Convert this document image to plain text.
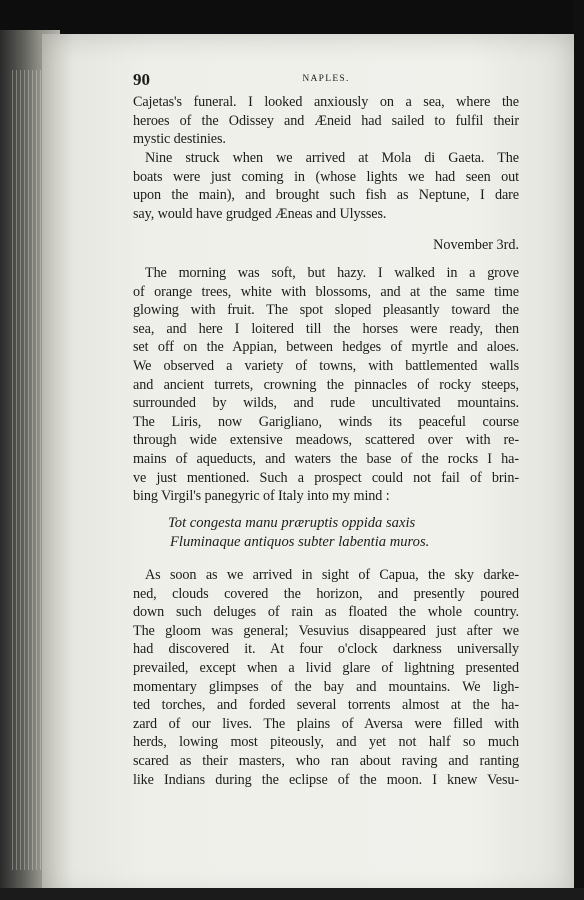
90	NAPLES.
Cajetas's funeral. I looked anxiously on a sea, where the
heroes of the Odissey and Æneid had sailed to fulfil their
mystic destinies.
Nine struck when we arrived at Mola di Gaeta. The
boats were just coming in (whose lights we had seen out
upon the main), and brought such fish as Neptune, I dare
say, would have grudged Æneas and Ulysses.
November 3rd.
The morning was soft, but hazy. I walked in a grove
of orange trees, white with blossoms, and at the same time
glowing with fruit. The spot sloped pleasantly toward the
sea, and here I loitered till the horses were ready, then
set off on the Appian, between hedges of myrtle and aloes.
We observed a variety of towns, with battlemented walls
and ancient turrets, crowning the pinnacles of rocky steeps,
surrounded by wilds, and rude uncultivated mountains.
The Liris, now Garigliano, winds its peaceful course
through wide extensive meadows, scattered over with re-
mains of aqueducts, and waters the base of the rocks I ha-
ve just mentioned. Such a prospect could not fail of brin-
bing Virgil's panegyric of Italy into my mind :
Tot congesta manu præruptis oppida saxis
Fluminaque antiquos subter labentia muros.
As soon as we arrived in sight of Capua, the sky darke-
ned, clouds covered the horizon, and presently poured
down such deluges of rain as floated the whole country.
The gloom was general; Vesuvius disappeared just after we
had discovered it. At four o'clock darkness universally
prevailed, except when a livid glare of lightning presented
momentary glimpses of the bay and mountains. We ligh-
ted torches, and forded several torrents almost at the ha-
zard of our lives. The plains of Aversa were filled with
herds, lowing most piteously, and yet not half so much
scared as their masters, who ran about raving and ranting
like Indians during the eclipse of the moon. I knew Vesu-
